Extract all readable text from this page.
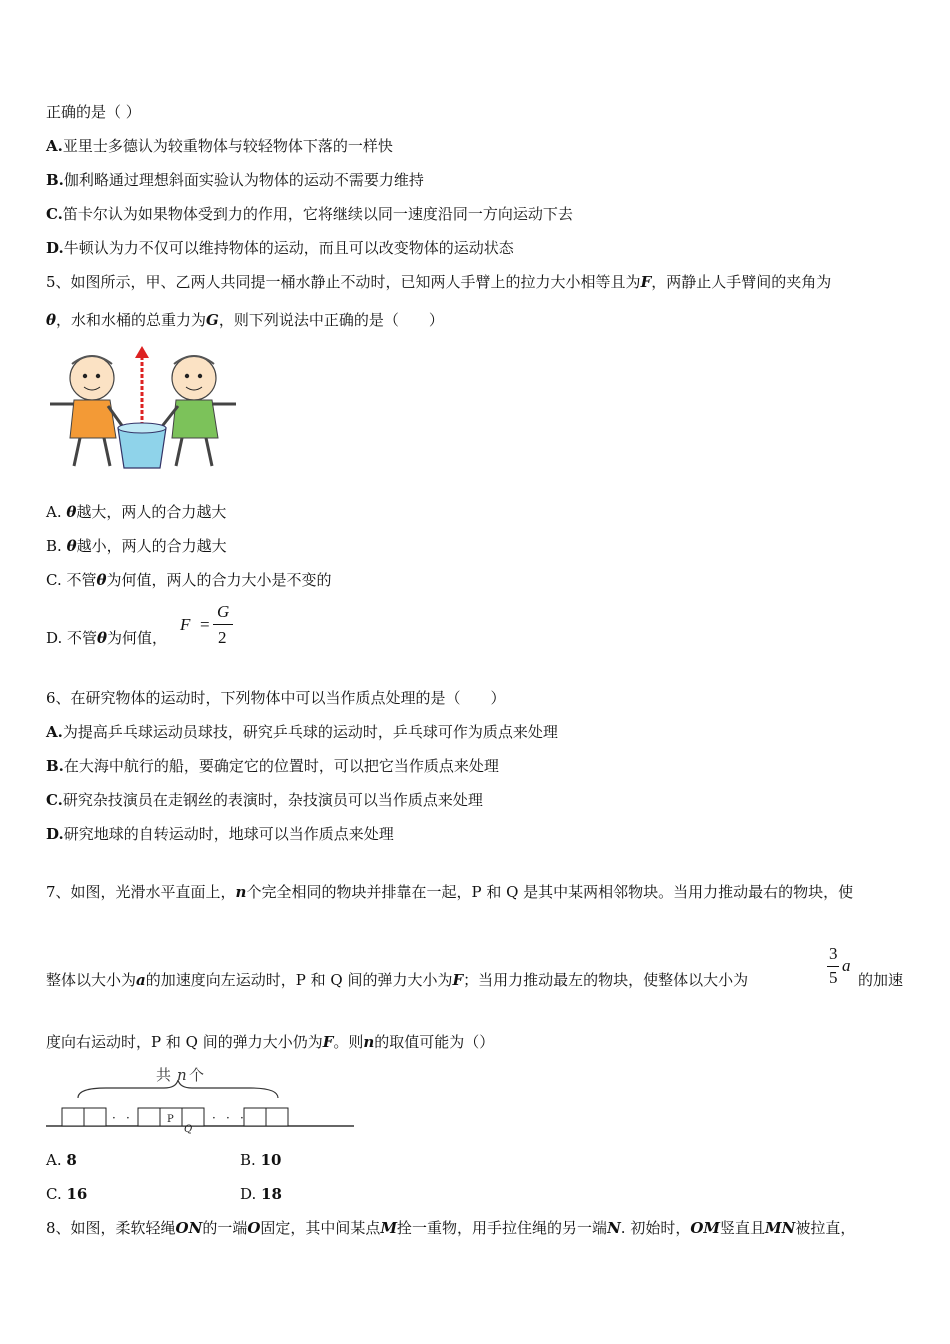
正确的是（ ）
A.亚里士多德认为较重物体与较轻物体下落的一样快
B.伽利略通过理想斜面实验认为物体的运动不需要力维持
C.笛卡尔认为如果物体受到力的作用，它将继续以同一速度沿同一方向运动下去
D.牛顿认为力不仅可以维持物体的运动，而且可以改变物体的运动状态
5、如图所示，甲、乙两人共同提一桶水静止不动时，已知两人手臂上的拉力大小相等且为F，两静止人手臂间的夹角为
θ，水和水桶的总重力为G，则下列说法中正确的是（　　）
A. θ越大，两人的合力越大
B. θ越小，两人的合力越大
C. 不管θ为何值，两人的合力大小是不变的
D. 不管θ为何值，
F =
G
2
6、在研究物体的运动时，下列物体中可以当作质点处理的是（　　）
A.为提高乒乓球运动员球技，研究乒乓球的运动时，乒乓球可作为质点来处理
B.在大海中航行的船，要确定它的位置时，可以把它当作质点来处理
C.研究杂技演员在走钢丝的表演时，杂技演员可以当作质点来处理
D.研究地球的自转运动时，地球可以当作质点来处理
7、如图，光滑水平直面上，n个完全相同的物块并排靠在一起，P 和 Q 是其中某两相邻物块。当用力推动最右的物块，使
整体以大小为a的加速度向左运动时，P 和 Q 间的弹力大小为F；当用力推动最左的物块，使整体以大小为	的加速
3
5
a
度向右运动时，P 和 Q 间的弹力大小仍为F。则n的取值可能为（）
共 n 个
· ·	P
Q
· · ·
A. 8	B. 10
C. 16	D. 18
8、如图，柔软轻绳ON的一端O固定，其中间某点M拴一重物，用手拉住绳的另一端N. 初始时，OM竖直且MN被拉直，
